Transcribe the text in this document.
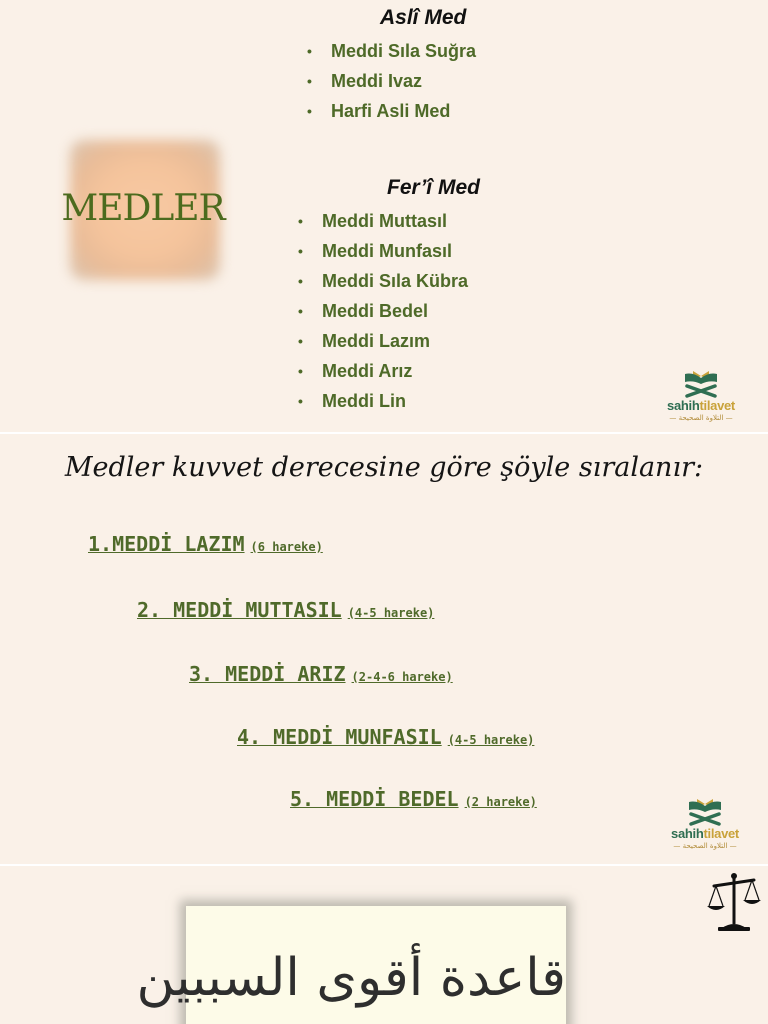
MEDLER
Aslî Med
• Meddi Sıla Suğra
• Meddi Ivaz
• Harfi Asli Med
Fer’î Med
• Meddi Muttasıl
• Meddi Munfasıl
• Meddi Sıla Kübra
• Meddi Bedel
• Meddi Lazım
• Meddi Arız
• Meddi Lin	sahihtilavet
— التلاوة الصحيحة —
Medler kuvvet derecesine göre şöyle sıralanır:
1.MEDDİ LAZIM (6 hareke)
2. MEDDİ MUTTASIL (4-5 hareke)
3. MEDDİ ARIZ (2-4-6 hareke)
4. MEDDİ MUNFASIL (4-5 hareke)
5. MEDDİ BEDEL (2 hareke)
sahihtilavet
— التلاوة الصحيحة —
قاعدة أقوى السببين
